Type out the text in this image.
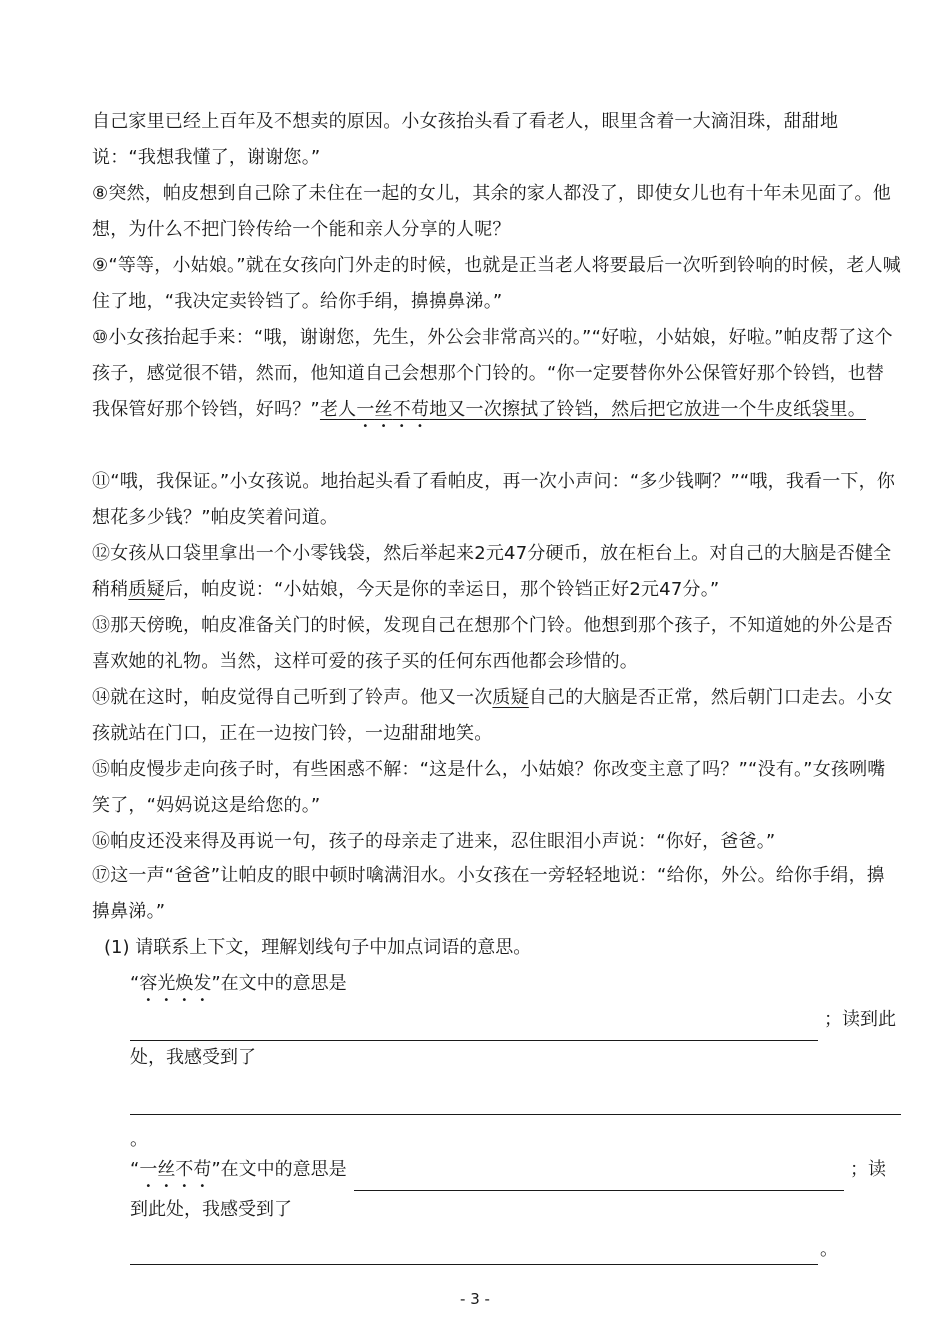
自己家里已经上百年及不想卖的原因。小女孩抬头看了看老人，眼里含着一大滴泪珠，甜甜地说：“我想我懂了，谢谢您。”

⑧突然，帕皮想到自己除了未住在一起的女儿，其余的家人都没了，即使女儿也有十年未见面了。他想，为什么不把门铃传给一个能和亲人分享的人呢？

⑨“等等，小姑娘。”就在女孩向门外走的时候，也就是正当老人将要最后一次听到铃响的时候，老人喊住了地，“我决定卖铃铛了。给你手绢，擤擤鼻涕。”

⑩小女孩抬起手来：“哦，谢谢您，先生，外公会非常高兴的。”“好啦，小姑娘，好啦。”帕皮帮了这个孩子，感觉很不错，然而，他知道自己会想那个门铃的。“你一定要替你外公保管好那个铃铛，也替我保管好那个铃铛，好吗？”老人一丝不苟地又一次擦拭了铃铛，然后把它放进一个牛皮纸袋里。

⑪“哦，我保证。”小女孩说。地抬起头看了看帕皮，再一次小声问：“多少钱啊？”“哦，我看一下，你想花多少钱？”帕皮笑着问道。

⑫女孩从口袋里拿出一个小零钱袋，然后举起来2元47分硬币，放在柜台上。对自己的大脑是否健全稍稍质疑后，帕皮说：“小姑娘，今天是你的幸运日，那个铃铛正好2元47分。”

⑬那天傍晚，帕皮准备关门的时候，发现自己在想那个门铃。他想到那个孩子，不知道她的外公是否喜欢她的礼物。当然，这样可爱的孩子买的任何东西他都会珍惜的。

⑭就在这时，帕皮觉得自己听到了铃声。他又一次质疑自己的大脑是否正常，然后朝门口走去。小女孩就站在门口，正在一边按门铃，一边甜甜地笑。

⑮帕皮慢步走向孩子时，有些困惑不解：“这是什么，小姑娘？你改变主意了吗？”“没有。”女孩咧嘴笑了，“妈妈说这是给您的。”

⑯帕皮还没来得及再说一句，孩子的母亲走了进来，忍住眼泪小声说：“你好，爸爸。”

⑰这一声“爸爸”让帕皮的眼中顿时噙满泪水。小女孩在一旁轻轻地说：“给你，外公。给你手绢，擤擤鼻涕。”

(1) 请联系上下文，理解划线句子中加点词语的意思。

“容光焕发”在文中的意思是

；读到此

处，我感受到了

。

“一丝不苟”在文中的意思是	；读

到此处，我感受到了

。

- 3 -
